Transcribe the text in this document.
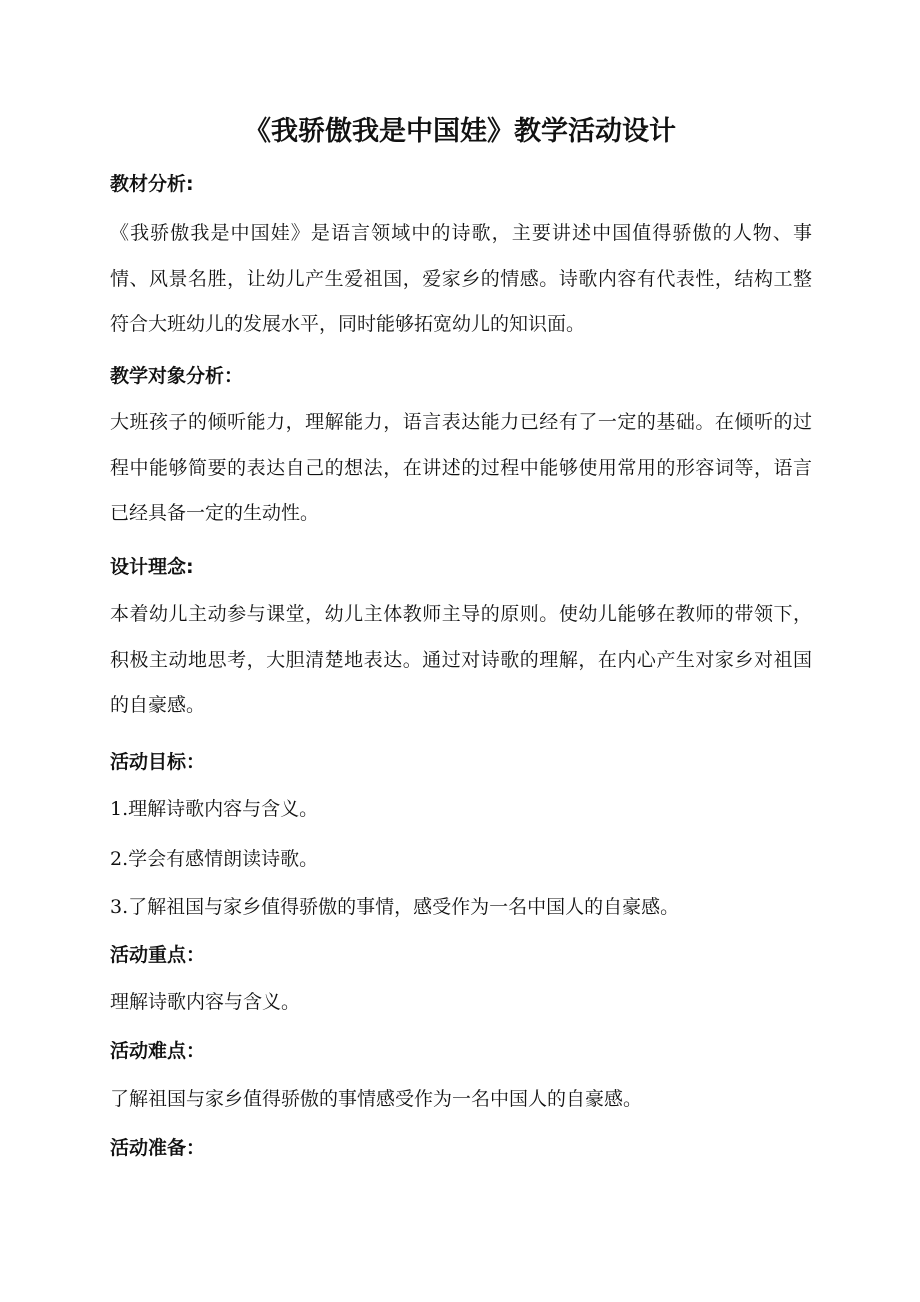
《我骄傲我是中国娃》教学活动设计
教材分析:

《我骄傲我是中国娃》是语言领域中的诗歌，主要讲述中国值得骄傲的人物、事情、风景名胜，让幼儿产生爱祖国，爱家乡的情感。诗歌内容有代表性，结构工整符合大班幼儿的发展水平，同时能够拓宽幼儿的知识面。

教学对象分析：

大班孩子的倾听能力，理解能力，语言表达能力已经有了一定的基础。在倾听的过程中能够简要的表达自己的想法，在讲述的过程中能够使用常用的形容词等，语言已经具备一定的生动性。

设计理念:

本着幼儿主动参与课堂，幼儿主体教师主导的原则。使幼儿能够在教师的带领下，积极主动地思考，大胆清楚地表达。通过对诗歌的理解，在内心产生对家乡对祖国的自豪感。

活动目标：

1.理解诗歌内容与含义。

2.学会有感情朗读诗歌。

3.了解祖国与家乡值得骄傲的事情，感受作为一名中国人的自豪感。

活动重点：

理解诗歌内容与含义。

活动难点：

了解祖国与家乡值得骄傲的事情感受作为一名中国人的自豪感。

活动准备：
